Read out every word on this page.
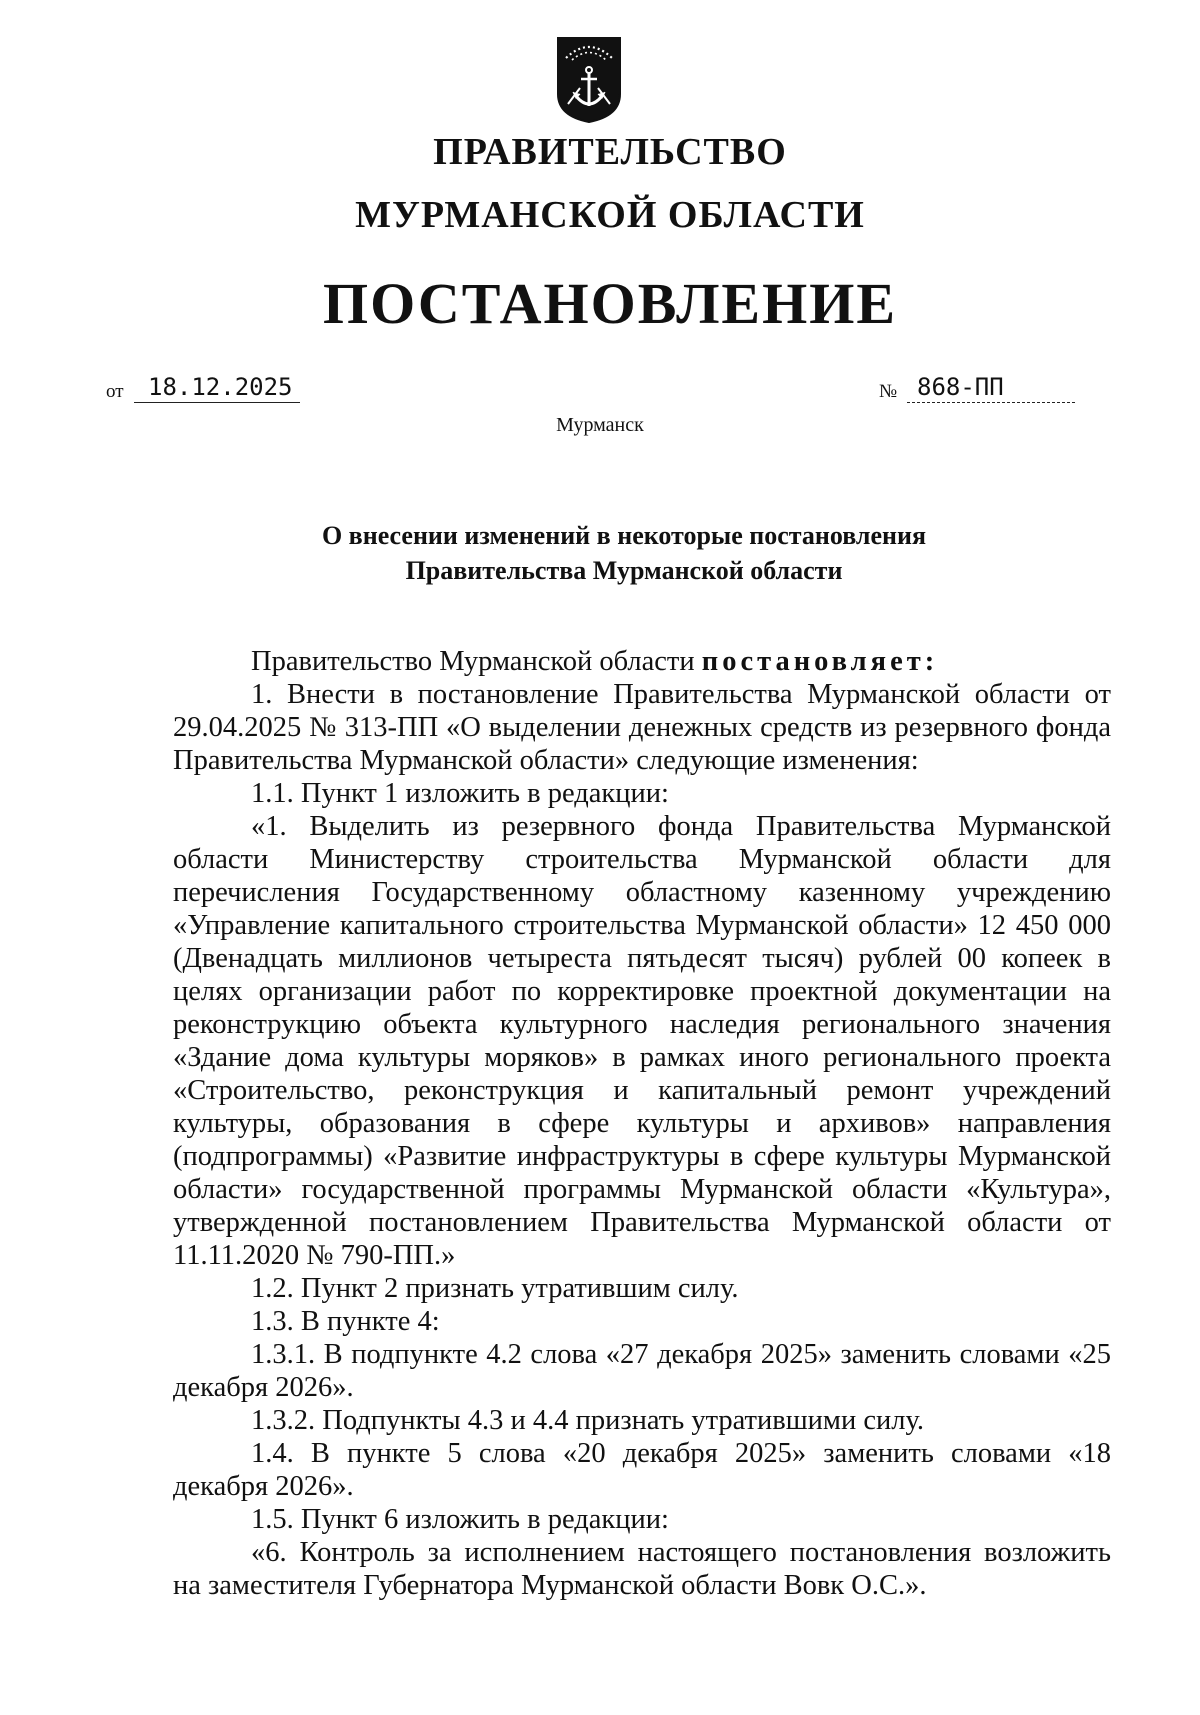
ПРАВИТЕЛЬСТВО
МУРМАНСКОЙ ОБЛАСТИ
ПОСТАНОВЛЕНИЕ
от	18.12.2025	№ 868-ПП
Мурманск
О внесении изменений в некоторые постановления
Правительства Мурманской области

Правительство Мурманской области постановляет:

1. Внести в постановление Правительства Мурманской области от 29.04.2025 № 313-ПП «О выделении денежных средств из резервного фонда Правительства Мурманской области» следующие изменения:

1.1. Пункт 1 изложить в редакции:

«1. Выделить из резервного фонда Правительства Мурманской области Министерству строительства Мурманской области для перечисления Государственному областному казенному учреждению «Управление капитального строительства Мурманской области» 12 450 000 (Двенадцать миллионов четыреста пятьдесят тысяч) рублей 00 копеек в целях организации работ по корректировке проектной документации на реконструкцию объекта культурного наследия регионального значения «Здание дома культуры моряков» в рамках иного регионального проекта «Строительство, реконструкция и капитальный ремонт учреждений культуры, образования в сфере культуры и архивов» направления (подпрограммы) «Развитие инфраструктуры в сфере культуры Мурманской области» государственной программы Мурманской области «Культура», утвержденной постановлением Правительства Мурманской области от 11.11.2020 № 790-ПП.»

1.2. Пункт 2 признать утратившим силу.

1.3. В пункте 4:

1.3.1. В подпункте 4.2 слова «27 декабря 2025» заменить словами «25 декабря 2026».

1.3.2. Подпункты 4.3 и 4.4 признать утратившими силу.

1.4. В пункте 5 слова «20 декабря 2025» заменить словами «18 декабря 2026».

1.5. Пункт 6 изложить в редакции:

«6. Контроль за исполнением настоящего постановления возложить на заместителя Губернатора Мурманской области Вовк О.С.».
